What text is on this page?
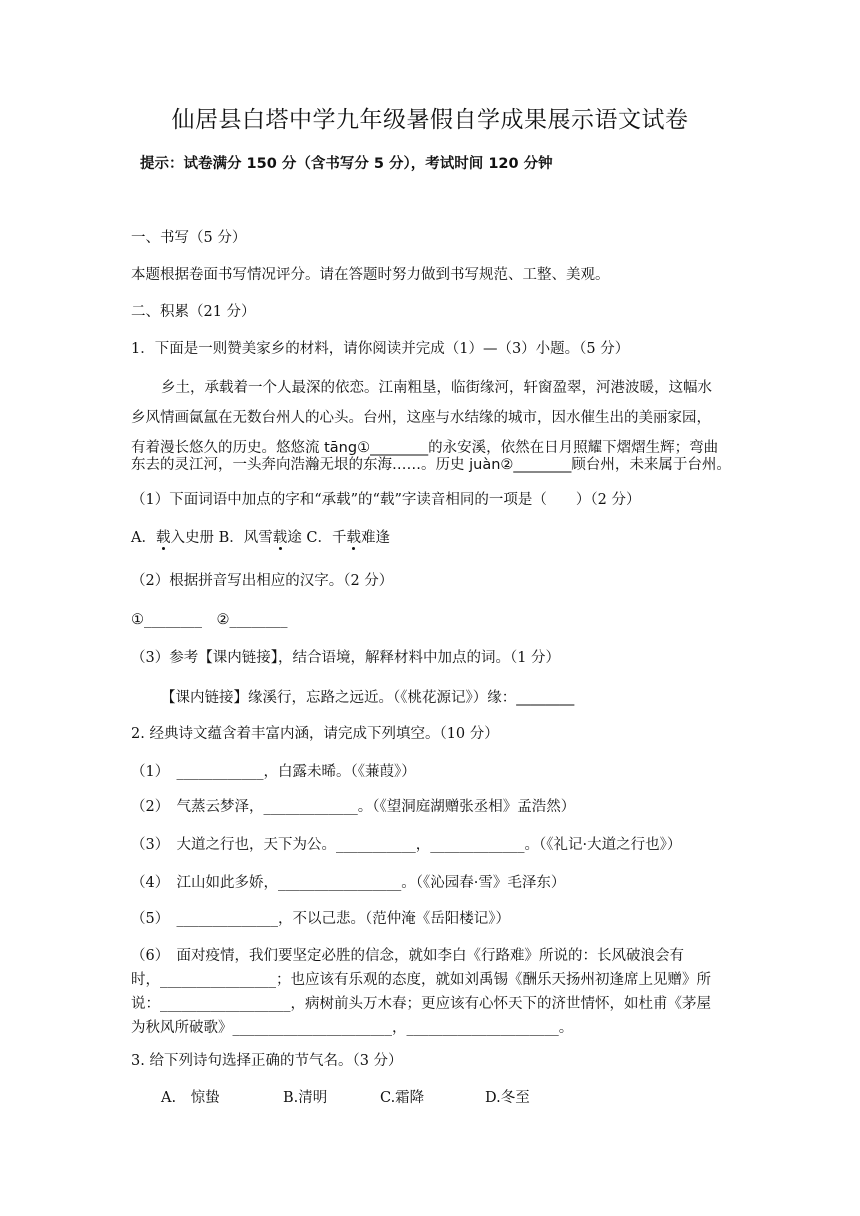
仙居县白塔中学九年级暑假自学成果展示语文试卷
提示：试卷满分 150 分（含书写分 5 分），考试时间 120 分钟
一、书写（5 分）
本题根据卷面书写情况评分。请在答题时努力做到书写规范、工整、美观。
二、积累（21 分）
1．下面是一则赞美家乡的材料，请你阅读并完成（1）—（3）小题。（5 分）
乡土，承载着一个人最深的依恋。江南粗垦，临街缘河，轩窗盈翠，河港波暖，这幅水
乡风情画氤氲在无数台州人的心头。台州，这座与水结缘的城市，因水催生出的美丽家园，
有着漫长悠久的历史。悠悠流 tāng①________的永安溪，依然在日月照耀下熠熠生辉；弯曲
东去的灵江河，一头奔向浩瀚无垠的东海……。历史 juàn②________顾台州，未来属于台州。
（1）下面词语中加点的字和“承载”的“载”字读音相同的一项是（　　）（2 分）
A．载入史册 B．风雪载途 C．千载难逢
（2）根据拼音写出相应的汉字。（2 分）
①________　②________
（3）参考【课内链接】，结合语境，解释材料中加点的词。（1 分）
【课内链接】缘溪行，忘路之远近。（《桃花源记》）缘：________
2. 经典诗文蕴含着丰富内涵，请完成下列填空。（10 分）
（1）　____________，白露未晞。（《蒹葭》）
（2）　气蒸云梦泽，_____________。（《望洞庭湖赠张丞相》孟浩然）
（3）　大道之行也，天下为公。___________，_____________。（《礼记·大道之行也》）
（4）　江山如此多娇，_________________。（《沁园春·雪》毛泽东）
（5）　______________，不以己悲。（范仲淹《岳阳楼记》）
（6）　面对疫情，我们要坚定必胜的信念，就如李白《行路难》所说的：长风破浪会有
时，________________；也应该有乐观的态度，就如刘禹锡《酬乐天扬州初逢席上见赠》所
说：__________________，病树前头万木春；更应该有心怀天下的济世情怀，如杜甫《茅屋
为秋风所破歌》______________________，_____________________。
3. 给下列诗句选择正确的节气名。（3 分）
A.　惊蛰	B.清明	C.霜降	D.冬至
